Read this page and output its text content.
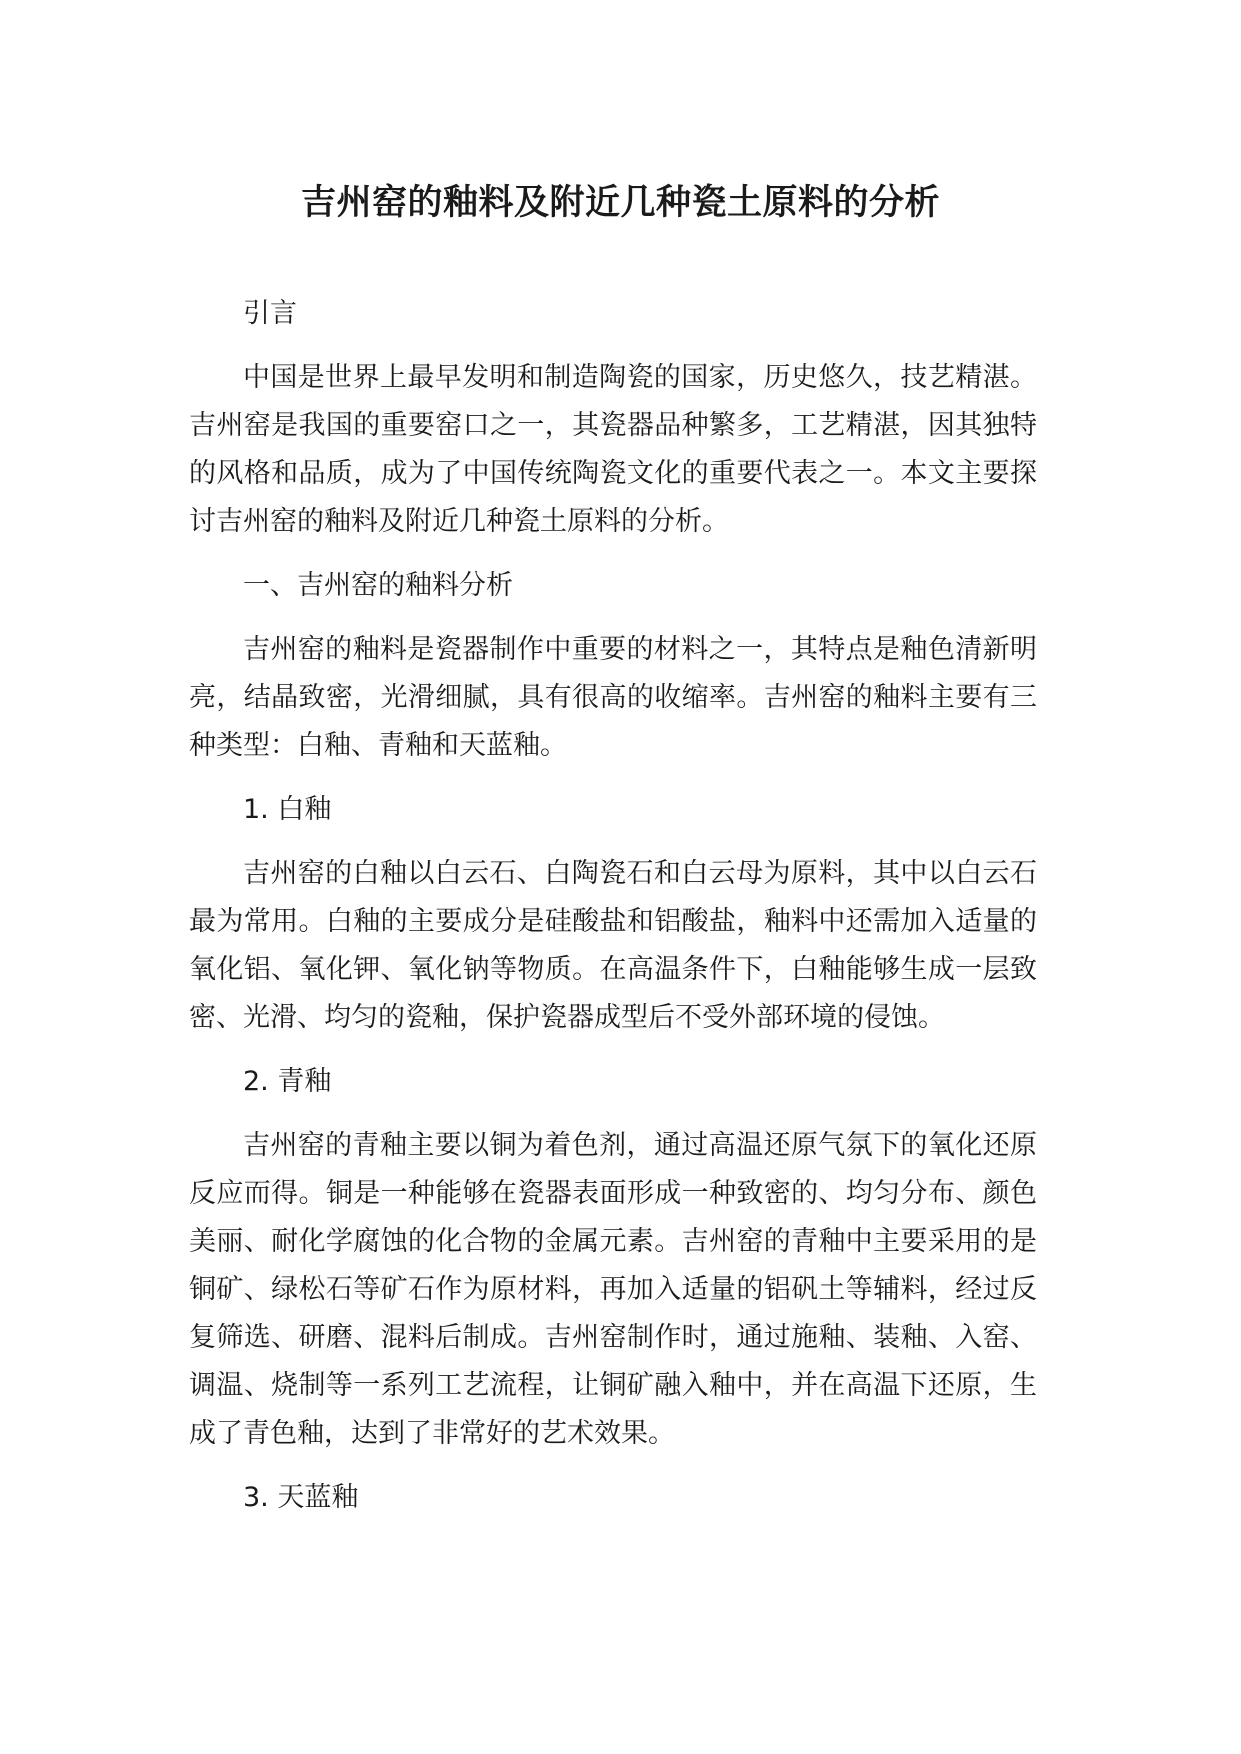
吉州窑的釉料及附近几种瓷土原料的分析

引言

中国是世界上最早发明和制造陶瓷的国家，历史悠久，技艺精湛。吉州窑是我国的重要窑口之一，其瓷器品种繁多，工艺精湛，因其独特的风格和品质，成为了中国传统陶瓷文化的重要代表之一。本文主要探讨吉州窑的釉料及附近几种瓷土原料的分析。

一、吉州窑的釉料分析

吉州窑的釉料是瓷器制作中重要的材料之一，其特点是釉色清新明亮，结晶致密，光滑细腻，具有很高的收缩率。吉州窑的釉料主要有三种类型：白釉、青釉和天蓝釉。

1. 白釉

吉州窑的白釉以白云石、白陶瓷石和白云母为原料，其中以白云石最为常用。白釉的主要成分是硅酸盐和铝酸盐，釉料中还需加入适量的氧化铝、氧化钾、氧化钠等物质。在高温条件下，白釉能够生成一层致密、光滑、均匀的瓷釉，保护瓷器成型后不受外部环境的侵蚀。

2. 青釉

吉州窑的青釉主要以铜为着色剂，通过高温还原气氛下的氧化还原反应而得。铜是一种能够在瓷器表面形成一种致密的、均匀分布、颜色美丽、耐化学腐蚀的化合物的金属元素。吉州窑的青釉中主要采用的是铜矿、绿松石等矿石作为原材料，再加入适量的铝矾土等辅料，经过反复筛选、研磨、混料后制成。吉州窑制作时，通过施釉、装釉、入窑、调温、烧制等一系列工艺流程，让铜矿融入釉中，并在高温下还原，生成了青色釉，达到了非常好的艺术效果。

3. 天蓝釉
